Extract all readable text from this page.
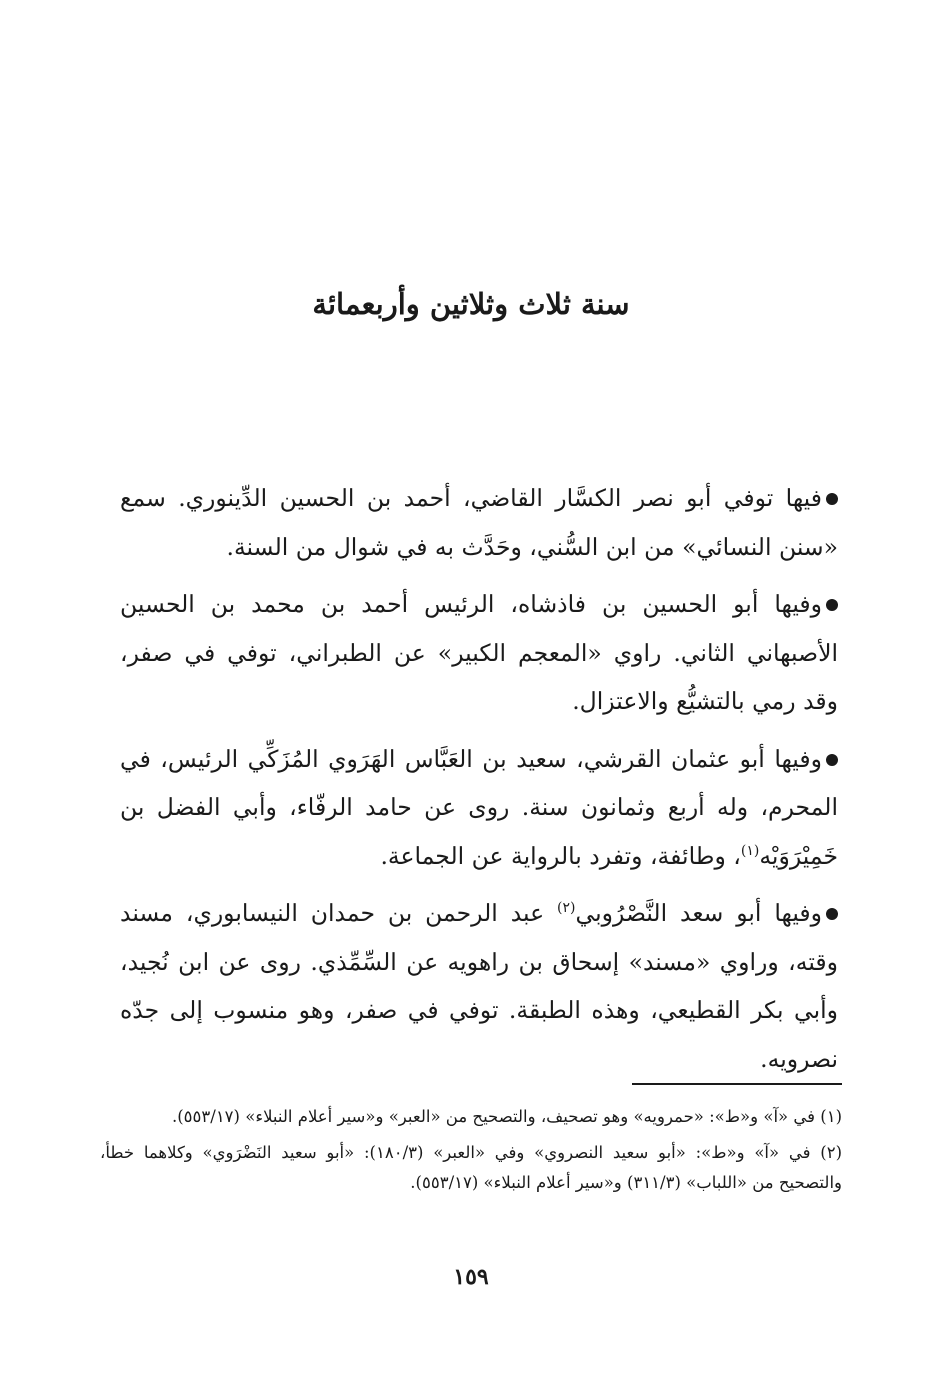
سنة ثلاث وثلاثين وأربعمائة

فيها توفي أبو نصر الكسَّار القاضي، أحمد بن الحسين الدِّينوري. سمع «سنن النسائي» من ابن السُّني، وحَدَّث به في شوال من السنة.

وفيها أبو الحسين بن فاذشاه، الرئيس أحمد بن محمد بن الحسين الأصبهاني الثاني. راوي «المعجم الكبير» عن الطبراني، توفي في صفر، وقد رمي بالتشيُّع والاعتزال.

وفيها أبو عثمان القرشي، سعيد بن العَبَّاس الهَرَوي المُزَكِّي الرئيس، في المحرم، وله أربع وثمانون سنة. روى عن حامد الرفّاء، وأبي الفضل بن خَمِيْرَوَيْه$^{(١)}$، وطائفة، وتفرد بالرواية عن الجماعة.

وفيها أبو سعد النَّصْرُوبي$^{(٢)}$ عبد الرحمن بن حمدان النيسابوري، مسند وقته، وراوي «مسند» إسحاق بن راهويه عن السِّمِّذي. روى عن ابن نُجيد، وأبي بكر القطيعي، وهذه الطبقة. توفي في صفر، وهو منسوب إلى جدّه نصرويه.

(١) في «آ» و«ط»: «حمرويه» وهو تصحيف، والتصحيح من «العبر» و«سير أعلام النبلاء» (٥٥٣/١٧).

(٢) في «آ» و«ط»: «أبو سعيد النصروي» وفي «العبر» (١٨٠/٣): «أبو سعيد النَضْرَوي» وكلاهما خطأ، والتصحيح من «اللباب» (٣١١/٣) و«سير أعلام النبلاء» (٥٥٣/١٧).

١٥٩
